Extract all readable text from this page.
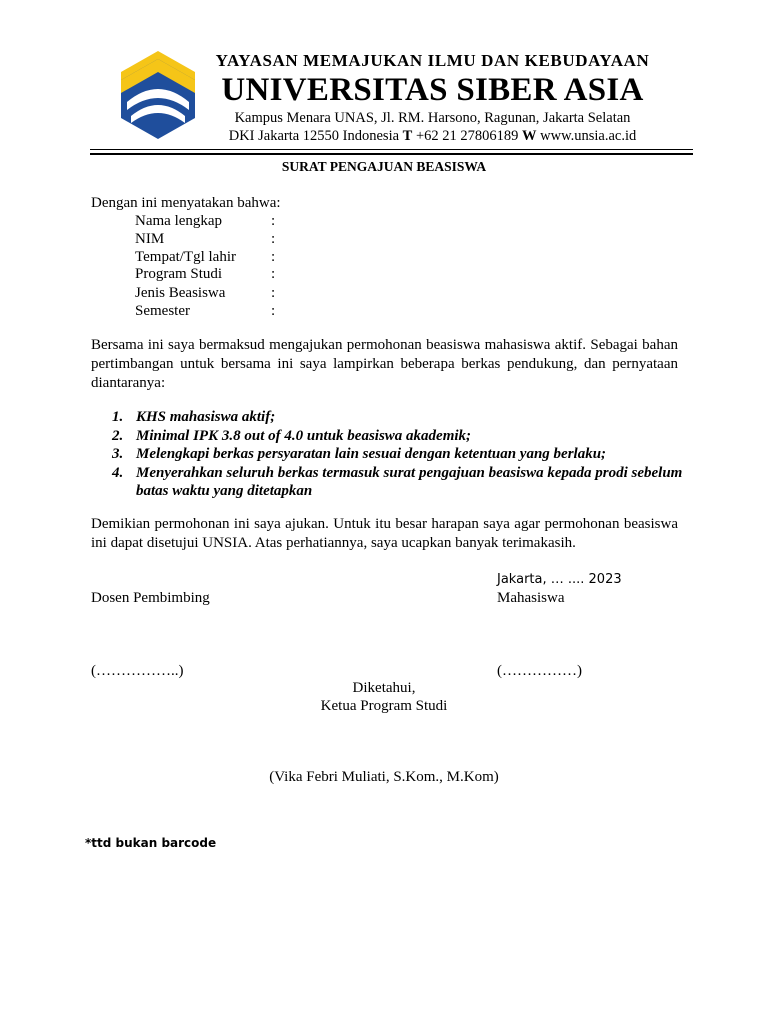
YAYASAN MEMAJUKAN ILMU DAN KEBUDAYAAN
UNIVERSITAS SIBER ASIA
Kampus Menara UNAS, Jl. RM. Harsono, Ragunan, Jakarta Selatan
DKI Jakarta 12550 Indonesia T +62 21 27806189 W www.unsia.ac.id
SURAT PENGAJUAN BEASISWA
Dengan ini menyatakan bahwa:
Nama lengkap	:
NIM	:
Tempat/Tgl lahir :
Program Studi	:
Jenis Beasiswa	:
Semester	:
Bersama ini saya bermaksud mengajukan permohonan beasiswa mahasiswa aktif. Sebagai bahan pertimbangan untuk bersama ini saya lampirkan beberapa berkas pendukung, dan pernyataan diantaranya:
1. KHS mahasiswa aktif;
2. Minimal IPK 3.8 out of 4.0 untuk beasiswa akademik;
3. Melengkapi berkas persyaratan lain sesuai dengan ketentuan yang berlaku;
4. Menyerahkan seluruh berkas termasuk surat pengajuan beasiswa kepada prodi sebelum batas waktu yang ditetapkan
Demikian permohonan ini saya ajukan. Untuk itu besar harapan saya agar permohonan beasiswa ini dapat disetujui UNSIA. Atas perhatiannya, saya ucapkan banyak terimakasih.
Jakarta, … .... 2023
Dosen Pembimbing	Mahasiswa
(……………..)	(……………)
Diketahui,
Ketua Program Studi
(Vika Febri Muliati, S.Kom., M.Kom)
*ttd bukan barcode
